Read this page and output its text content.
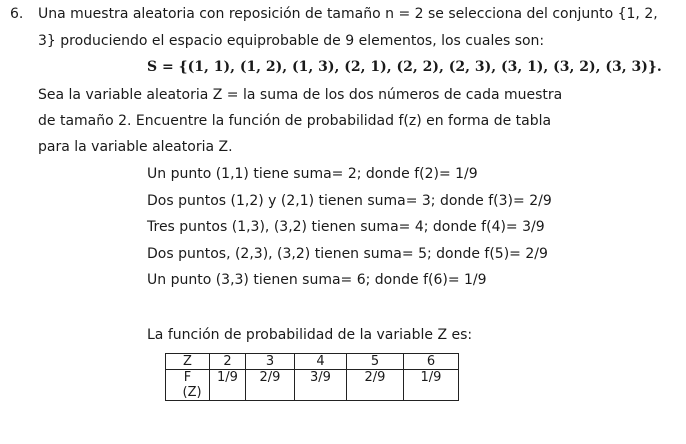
6. Una muestra aleatoria con reposición de tamaño n = 2 se selecciona del conjunto {1, 2,
3} produciendo el espacio equiprobable de 9 elementos, los cuales son:
S = {(1, 1), (1, 2), (1, 3), (2, 1), (2, 2), (2, 3), (3, 1), (3, 2), (3, 3)}.
Sea la variable aleatoria Z = la suma de los dos números de cada muestra
de tamaño 2. Encuentre la función de probabilidad f(z) en forma de tabla
para la variable aleatoria Z.
Un punto (1,1) tiene suma= 2; donde f(2)= 1/9
Dos puntos (1,2) y (2,1) tienen suma= 3; donde f(3)= 2/9
Tres puntos (1,3), (3,2) tienen suma= 4; donde f(4)= 3/9
Dos puntos, (2,3), (3,2) tienen suma= 5; donde f(5)= 2/9
Un punto (3,3) tienen suma= 6; donde f(6)= 1/9
La función de probabilidad de la variable Z es:
Z	2	3	4	5	6

F(Z)	1/9	2/9	3/9	2/9	1/9
